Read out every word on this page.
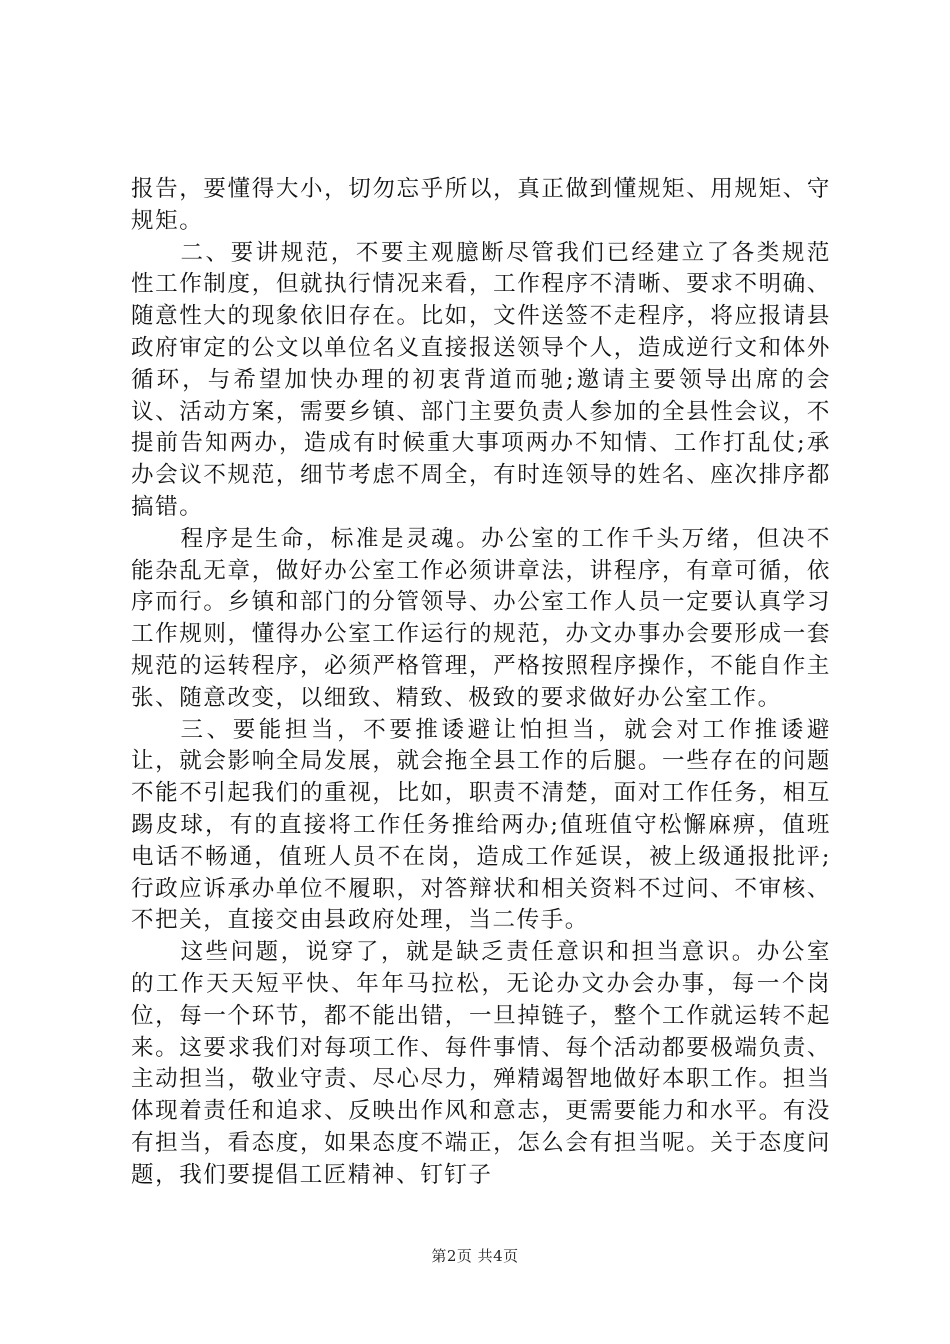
报告，要懂得大小，切勿忘乎所以，真正做到懂规矩、用规矩、守规矩。

二、要讲规范，不要主观臆断尽管我们已经建立了各类规范性工作制度，但就执行情况来看，工作程序不清晰、要求不明确、随意性大的现象依旧存在。比如，文件送签不走程序，将应报请县政府审定的公文以单位名义直接报送领导个人，造成逆行文和体外循环，与希望加快办理的初衷背道而驰;邀请主要领导出席的会议、活动方案，需要乡镇、部门主要负责人参加的全县性会议，不提前告知两办，造成有时候重大事项两办不知情、工作打乱仗;承办会议不规范，细节考虑不周全，有时连领导的姓名、座次排序都搞错。

程序是生命，标准是灵魂。办公室的工作千头万绪，但决不能杂乱无章，做好办公室工作必须讲章法，讲程序，有章可循，依序而行。乡镇和部门的分管领导、办公室工作人员一定要认真学习工作规则，懂得办公室工作运行的规范，办文办事办会要形成一套规范的运转程序，必须严格管理，严格按照程序操作，不能自作主张、随意改变，以细致、精致、极致的要求做好办公室工作。

三、要能担当，不要推诿避让怕担当，就会对工作推诿避让，就会影响全局发展，就会拖全县工作的后腿。一些存在的问题不能不引起我们的重视，比如，职责不清楚，面对工作任务，相互踢皮球，有的直接将工作任务推给两办;值班值守松懈麻痹，值班电话不畅通，值班人员不在岗，造成工作延误，被上级通报批评;行政应诉承办单位不履职，对答辩状和相关资料不过问、不审核、不把关，直接交由县政府处理，当二传手。

这些问题，说穿了，就是缺乏责任意识和担当意识。办公室的工作天天短平快、年年马拉松，无论办文办会办事，每一个岗位，每一个环节，都不能出错，一旦掉链子，整个工作就运转不起来。这要求我们对每项工作、每件事情、每个活动都要极端负责、主动担当，敬业守责、尽心尽力，殚精竭智地做好本职工作。担当体现着责任和追求、反映出作风和意志，更需要能力和水平。有没有担当，看态度，如果态度不端正，怎么会有担当呢。关于态度问题，我们要提倡工匠精神、钉钉子

第2页 共4页
